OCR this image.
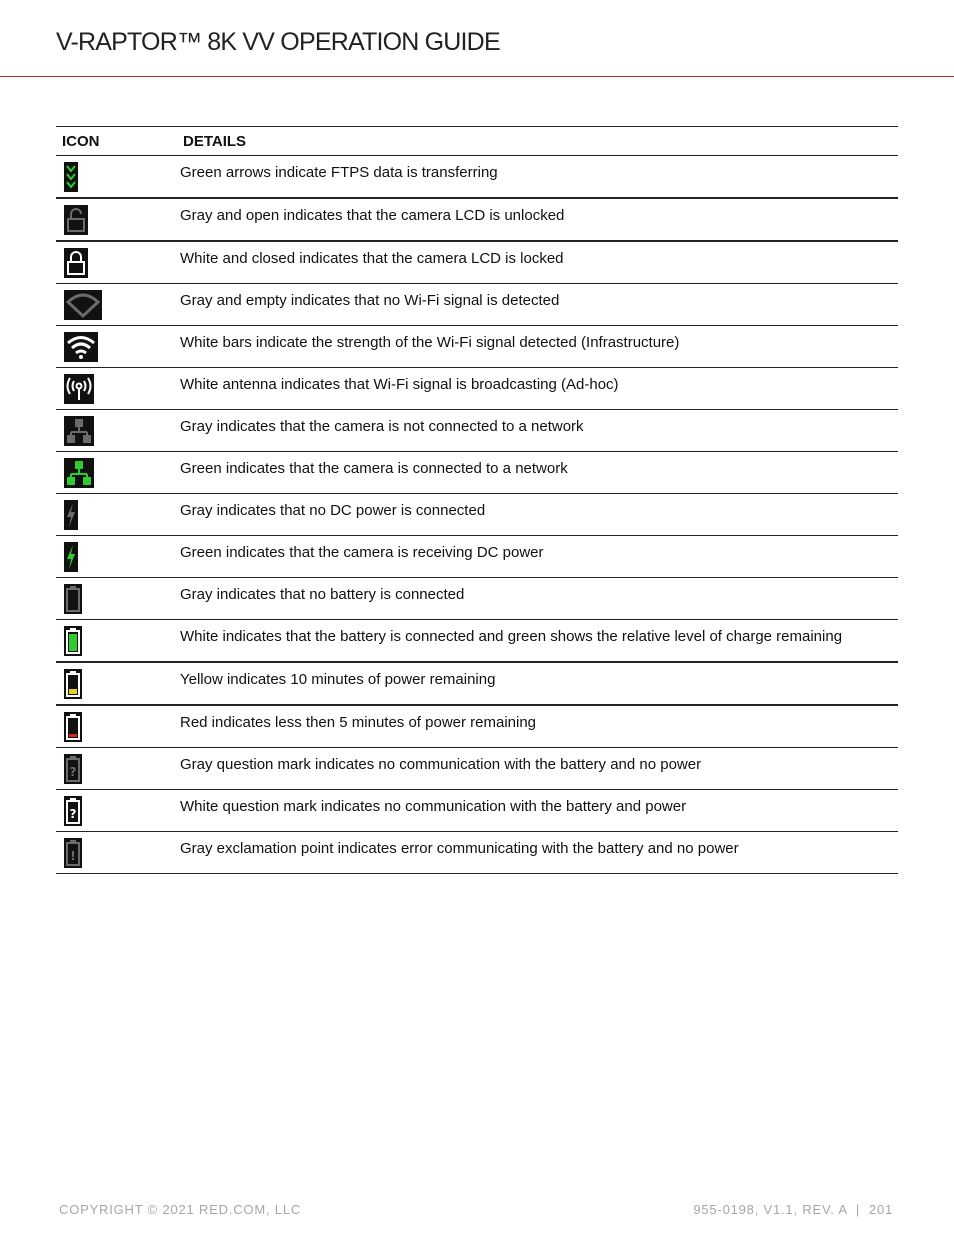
V-RAPTOR™ 8K VV OPERATION GUIDE
ICON	DETAILS

Green arrows indicate FTPS data is transferring

Gray and open indicates that the camera LCD is unlocked

White and closed indicates that the camera LCD is locked

Gray and empty indicates that no Wi-Fi signal is detected

White bars indicate the strength of the Wi-Fi signal detected (Infrastructure)

White antenna indicates that Wi-Fi signal is broadcasting (Ad-hoc)

Gray indicates that the camera is not connected to a network

Green indicates that the camera is connected to a network

Gray indicates that no DC power is connected

Green indicates that the camera is receiving DC power

Gray indicates that no battery is connected

White indicates that the battery is connected and green shows the relative level of charge remaining

Yellow indicates 10 minutes of power remaining

Red indicates less then 5 minutes of power remaining

?	Gray question mark indicates no communication with the battery and no power

?	White question mark indicates no communication with the battery and power

!	Gray exclamation point indicates error communicating with the battery and no power
COPYRIGHT © 2021 RED.COM, LLC	955-0198, V1.1, REV. A  |  201
